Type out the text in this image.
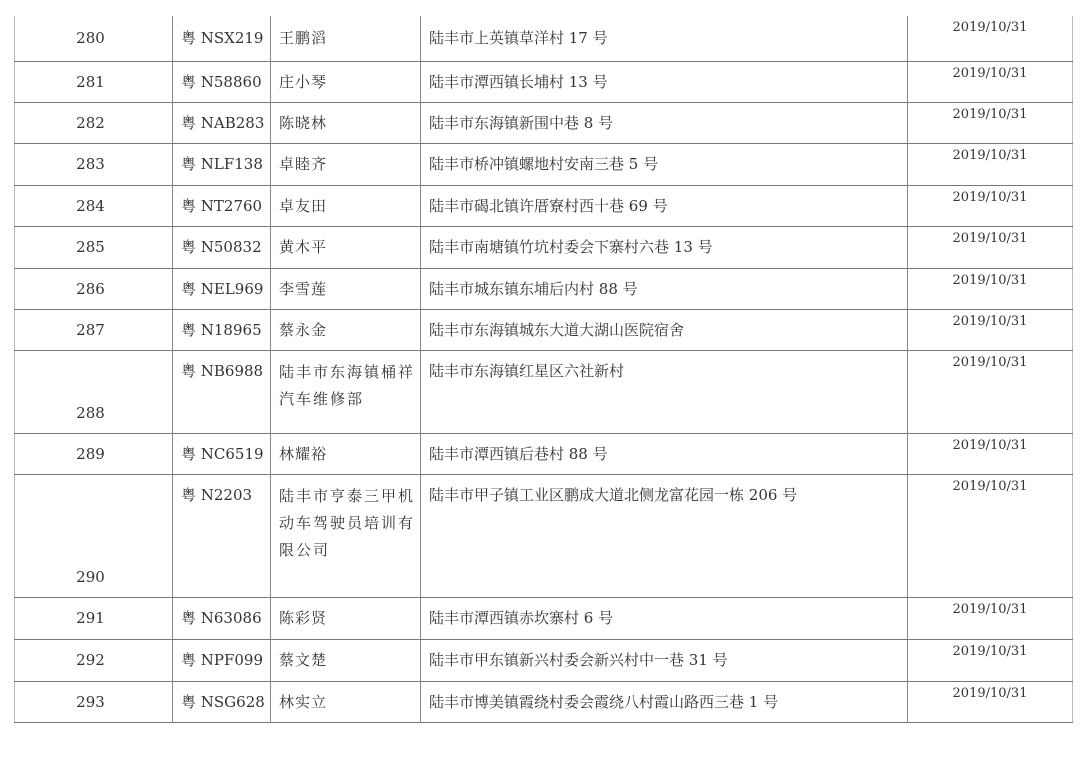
280	粤 NSX219	王鹏滔	陆丰市上英镇草洋村 17 号	2019/10/31
281	粤 N58860	庄小琴	陆丰市潭西镇长埔村 13 号	2019/10/31
282	粤 NAB283	陈晓林	陆丰市东海镇新围中巷 8 号	2019/10/31
283	粤 NLF138	卓睦齐	陆丰市桥冲镇螺地村安南三巷 5 号	2019/10/31
284	粤 NT2760	卓友田	陆丰市碣北镇许厝寮村西十巷 69 号	2019/10/31
285	粤 N50832	黄木平	陆丰市南塘镇竹坑村委会下寨村六巷 13 号	2019/10/31
286	粤 NEL969	李雪莲	陆丰市城东镇东埔后内村 88 号	2019/10/31
287	粤 N18965	蔡永金	陆丰市东海镇城东大道大湖山医院宿舍	2019/10/31
288	粤 NB6988	陆丰市东海镇桶祥汽车维修部	陆丰市东海镇红星区六社新村	2019/10/31
289	粤 NC6519	林耀裕	陆丰市潭西镇后巷村 88 号	2019/10/31
290	粤 N2203	陆丰市亨泰三甲机动车驾驶员培训有限公司	陆丰市甲子镇工业区鹏成大道北侧龙富花园一栋 206 号	2019/10/31
291	粤 N63086	陈彩贤	陆丰市潭西镇赤坎寨村 6 号	2019/10/31
292	粤 NPF099	蔡文楚	陆丰市甲东镇新兴村委会新兴村中一巷 31 号	2019/10/31
293	粤 NSG628	林实立	陆丰市博美镇霞绕村委会霞绕八村霞山路西三巷 1 号	2019/10/31
